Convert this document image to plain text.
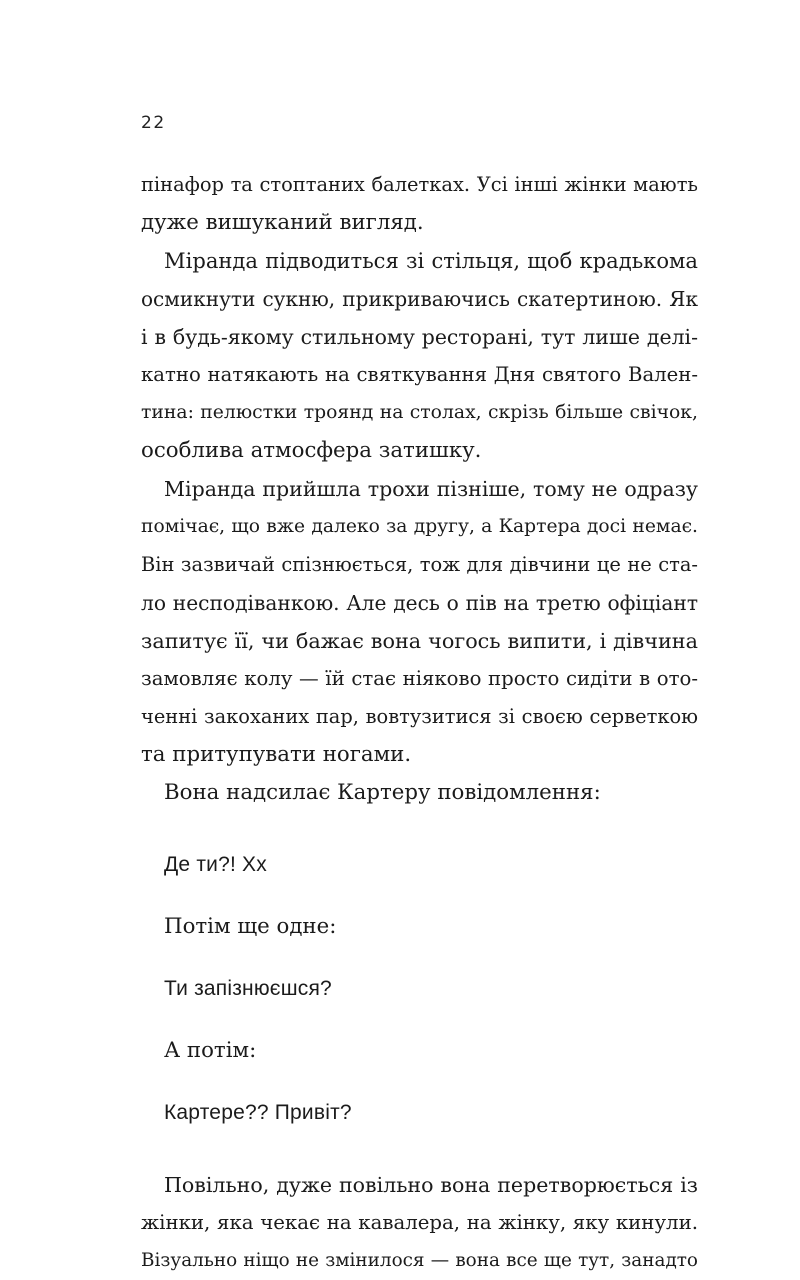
22
пінафор та стоптаних балетках. Усі інші жінки мають
дуже вишуканий вигляд.
Міранда підводиться зі стільця, щоб крадькома
осмикнути сукню, прикриваючись скатертиною. Як
і в будь-якому стильному ресторані, тут лише делі-
катно натякають на святкування Дня святого Вален-
тина: пелюстки троянд на столах, скрізь більше свічок,
особлива атмосфера затишку.
Міранда прийшла трохи пізніше, тому не одразу
помічає, що вже далеко за другу, а Картера досі немає.
Він зазвичай спізнюється, тож для дівчини це не ста-
ло несподіванкою. Але десь о пів на третю офіціант
запитує її, чи бажає вона чогось випити, і дівчина
замовляє колу — їй стає ніяково просто сидіти в ото-
ченні закоханих пар, вовтузитися зі своєю серветкою
та притупувати ногами.
Вона надсилає Картеру повідомлення:
Де ти?! Хх
Потім ще одне:
Ти запізнюєшся?
А потім:
Картере?? Привіт?
Повільно, дуже повільно вона перетворюється із
жінки, яка чекає на кавалера, на жінку, яку кинули.
Візуально ніщо не змінилося — вона все ще тут, занадто
